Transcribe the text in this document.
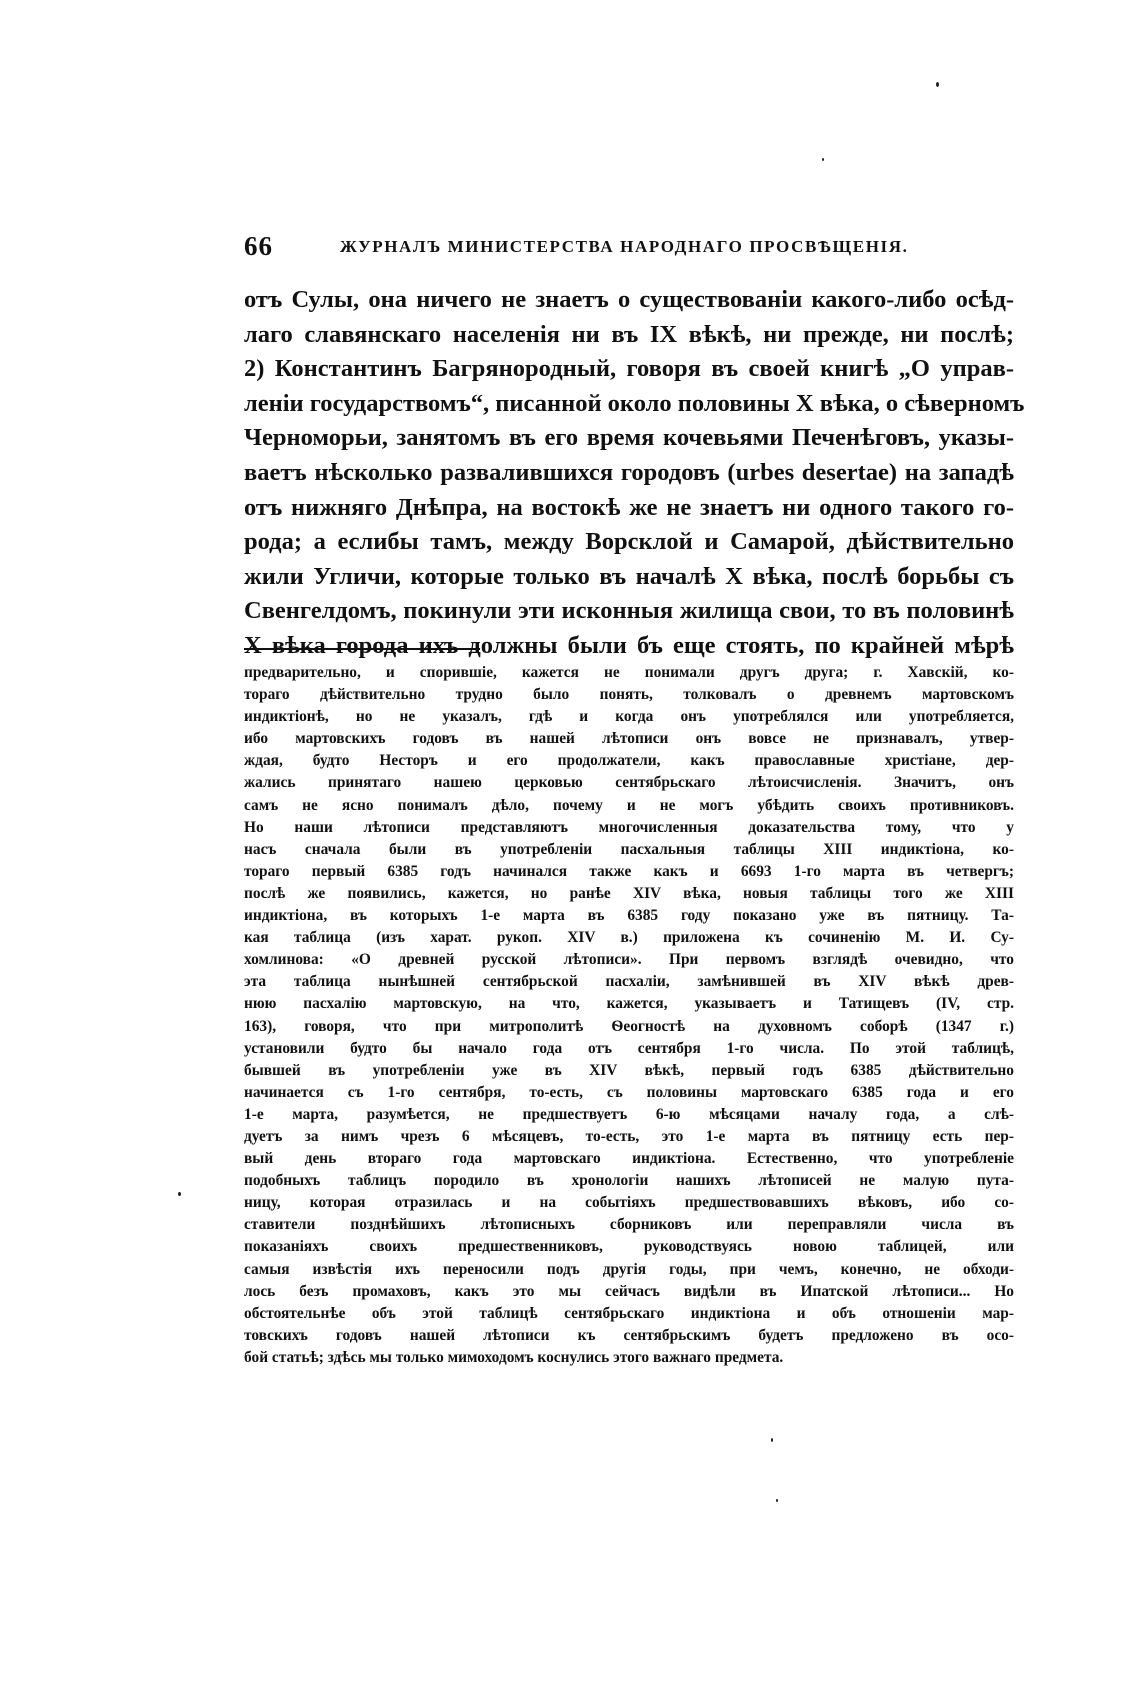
66	ЖУРНАЛЪ МИНИСТЕРСТВА НАРОДНАГО ПРОСВѢЩЕНІЯ.
отъ Сулы, она ничего не знаетъ о существованіи какого-либо осѣд-
лаго славянскаго населенія ни въ IX вѣкѣ, ни прежде, ни послѣ;
2) Константинъ Багрянородный, говоря въ своей книгѣ „О управ-
леніи государствомъ“, писанной около половины X вѣка, о сѣверномъ
Черноморьи, занятомъ въ его время кочевьями Печенѣговъ, указы-
ваетъ нѣсколько развалившихся городовъ (urbes desertae) на западѣ
отъ нижняго Днѣпра, на востокѣ же не знаетъ ни одного такого го-
рода; а еслибы тамъ, между Ворсклой и Самарой, дѣйствительно
жили Угличи, которые только въ началѣ X вѣка, послѣ борьбы съ
Свенгелдомъ, покинули эти исконныя жилища свои, то въ половинѣ
X вѣка города ихъ должны были бъ еще стоять, по крайней мѣрѣ
предварительно, и спорившіе, кажется не понимали другъ друга; г. Хавскій, ко-
тораго дѣйствительно трудно было понять, толковалъ о древнемъ мартовскомъ
индиктіонѣ, но не указалъ, гдѣ и когда онъ употреблялся или употребляется,
ибо мартовскихъ годовъ въ нашей лѣтописи онъ вовсе не признавалъ, утвер-
ждая, будто Несторъ и его продолжатели, какъ православные христіане, дер-
жались принятаго нашею церковью сентябрьскаго лѣтоисчисленія. Значитъ, онъ
самъ не ясно понималъ дѣло, почему и не могъ убѣдить своихъ противниковъ.
Но наши лѣтописи представляютъ многочисленныя доказательства тому, что у
насъ сначала были въ употребленіи пасхальныя таблицы XIII индиктіона, ко-
тораго первый 6385 годъ начинался также какъ и 6693 1-го марта въ четвергъ;
послѣ же появились, кажется, но ранѣе XIV вѣка, новыя таблицы того же XIII
индиктіона, въ которыхъ 1-е марта въ 6385 году показано уже въ пятницу. Та-
кая таблица (изъ харат. рукоп. XIV в.) приложена къ сочиненію М. И. Су-
хомлинова: «О древней русской лѣтописи». При первомъ взглядѣ очевидно, что
эта таблица нынѣшней сентябрьской пасхаліи, замѣнившей въ XIV вѣкѣ древ-
нюю пасхалію мартовскую, на что, кажется, указываетъ и Татищевъ (IV, стр.
163), говоря, что при митрополитѣ Ѳеогностѣ на духовномъ соборѣ (1347 г.)
установили будто бы начало года отъ сентября 1-го числа. По этой таблицѣ,
бывшей въ употребленіи уже въ XIV вѣкѣ, первый годъ 6385 дѣйствительно
начинается съ 1-го сентября, то-есть, съ половины мартовскаго 6385 года и его
1-е марта, разумѣется, не предшествуетъ 6-ю мѣсяцами началу года, а слѣ-
дуетъ за нимъ чрезъ 6 мѣсяцевъ, то-есть, это 1-е марта въ пятницу есть пер-
вый день втораго года мартовскаго индиктіона. Естественно, что употребленіе
подобныхъ таблицъ породило въ хронологіи нашихъ лѣтописей не малую пута-
ницу, которая отразилась и на событіяхъ предшествовавшихъ вѣковъ, ибо со-
ставители позднѣйшихъ лѣтописныхъ сборниковъ или переправляли числа въ
показаніяхъ своихъ предшественниковъ, руководствуясь новою таблицей, или
самыя извѣстія ихъ переносили подъ другія годы, при чемъ, конечно, не обходи-
лось безъ промаховъ, какъ это мы сейчасъ видѣли въ Ипатской лѣтописи... Но
обстоятельнѣе объ этой таблицѣ сентябрьскаго индиктіона и объ отношеніи мар-
товскихъ годовъ нашей лѣтописи къ сентябрьскимъ будетъ предложено въ осо-
бой статьѣ; здѣсь мы только мимоходомъ коснулись этого важнаго предмета.
